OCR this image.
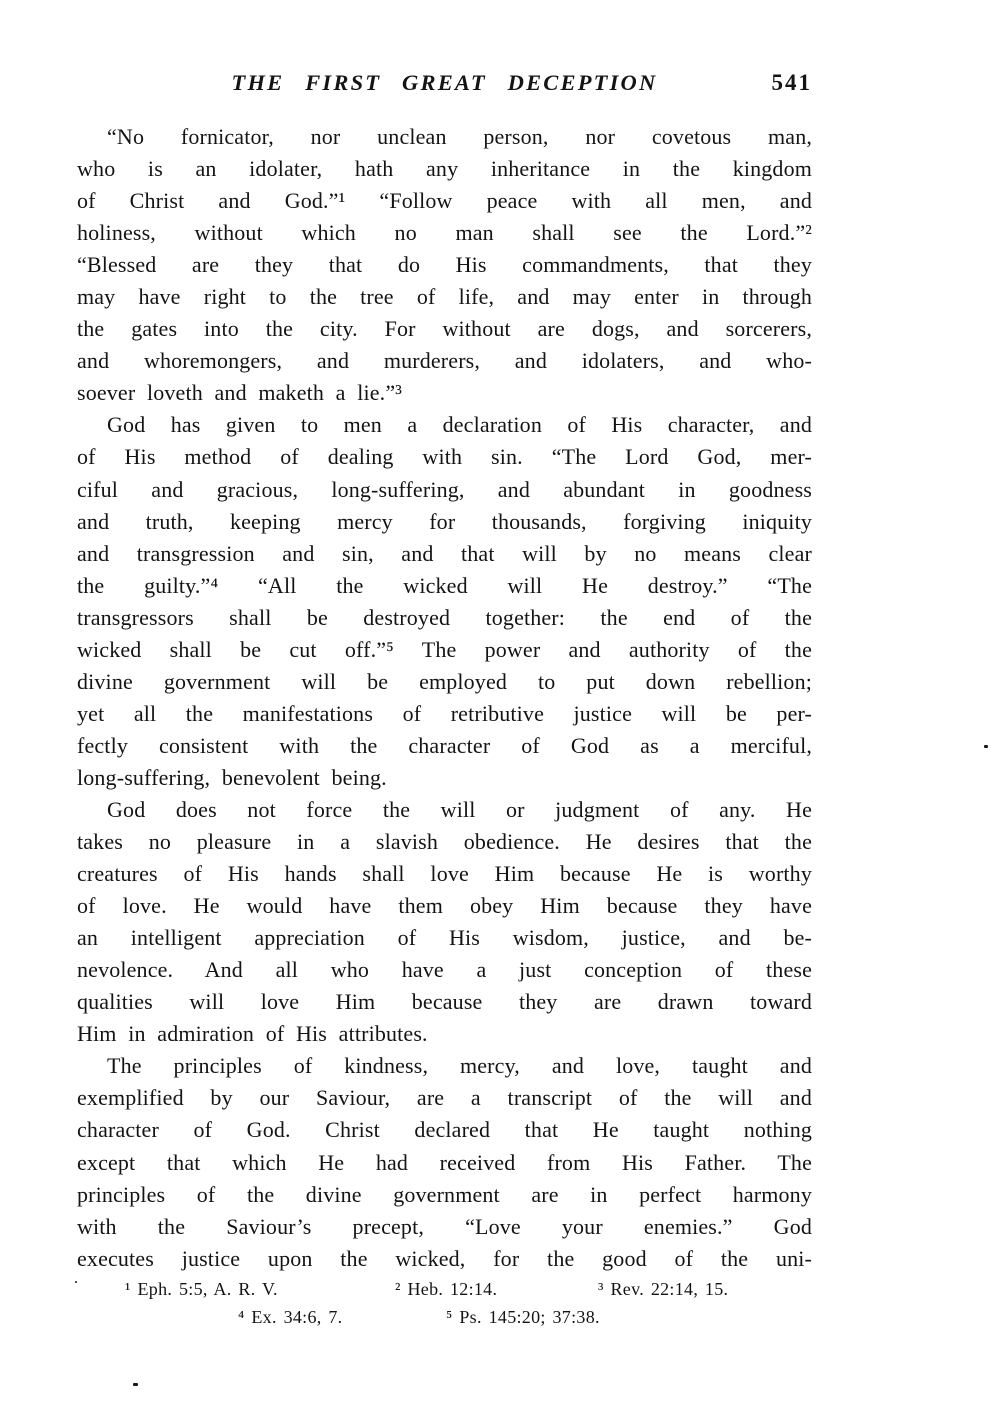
THE FIRST GREAT DECEPTION	541
“No fornicator, nor unclean person, nor covetous man,
who is an idolater, hath any inheritance in the kingdom
of Christ and God.”¹ “Follow peace with all men, and
holiness, without which no man shall see the Lord.”²
“Blessed are they that do His commandments, that they
may have right to the tree of life, and may enter in through
the gates into the city. For without are dogs, and sorcerers,
and whoremongers, and murderers, and idolaters, and who-
soever loveth and maketh a lie.”³
God has given to men a declaration of His character, and
of His method of dealing with sin. “The Lord God, mer-
ciful and gracious, long-suffering, and abundant in goodness
and truth, keeping mercy for thousands, forgiving iniquity
and transgression and sin, and that will by no means clear
the guilty.”⁴ “All the wicked will He destroy.” “The
transgressors shall be destroyed together: the end of the
wicked shall be cut off.”⁵ The power and authority of the
divine government will be employed to put down rebellion;
yet all the manifestations of retributive justice will be per-
fectly consistent with the character of God as a merciful,
long-suffering, benevolent being.
God does not force the will or judgment of any. He
takes no pleasure in a slavish obedience. He desires that the
creatures of His hands shall love Him because He is worthy
of love. He would have them obey Him because they have
an intelligent appreciation of His wisdom, justice, and be-
nevolence. And all who have a just conception of these
qualities will love Him because they are drawn toward
Him in admiration of His attributes.
The principles of kindness, mercy, and love, taught and
exemplified by our Saviour, are a transcript of the will and
character of God. Christ declared that He taught nothing
except that which He had received from His Father. The
principles of the divine government are in perfect harmony
with the Saviour’s precept, “Love your enemies.” God
executes justice upon the wicked, for the good of the uni-
¹ Eph. 5:5, A. R. V.	² Heb. 12:14.	³ Rev. 22:14, 15.
⁴ Ex. 34:6, 7.	⁵ Ps. 145:20; 37:38.
